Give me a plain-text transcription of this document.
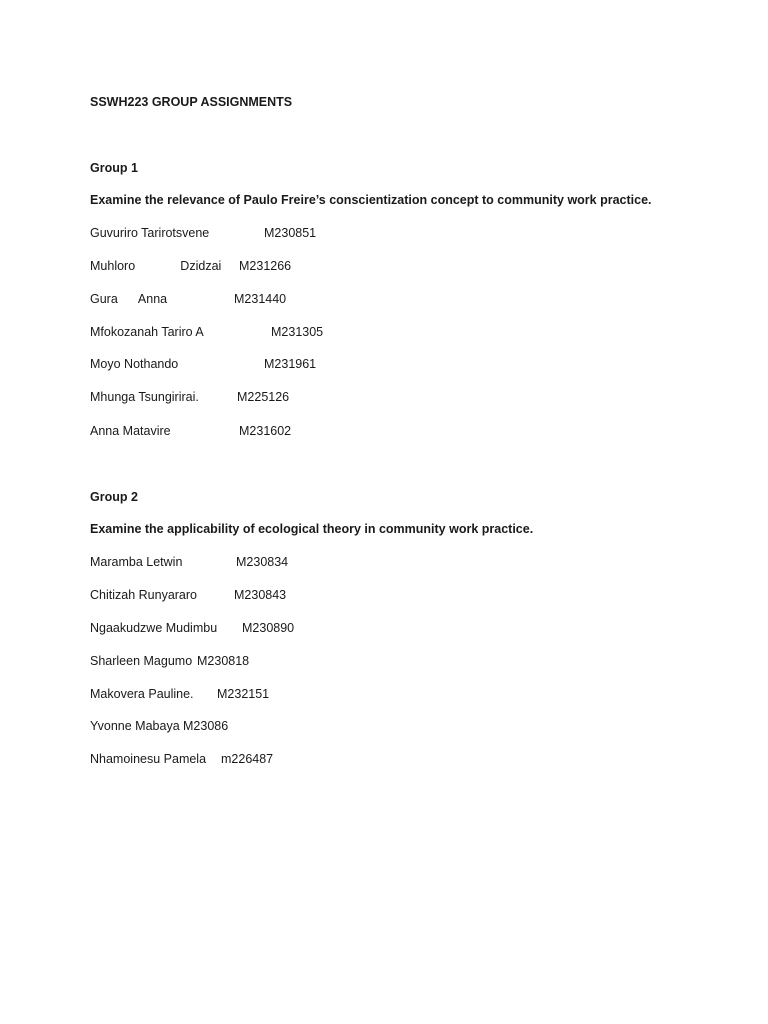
SSWH223 GROUP ASSIGNMENTS
Group 1
Examine the relevance of Paulo Freire’s conscientization concept to community work practice.
Guvuriro Tarirotsvene	M230851
Muhloro             Dzidzai M231266
Gura      Anna	M231440
Mfokozanah Tariro A	M231305
Moyo Nothando	M231961
Mhunga Tsungirirai.	M225126
Anna Matavire	M231602
Group 2
Examine the applicability of ecological theory in community work practice.
Maramba Letwin	M230834
Chitizah Runyararo	M230843
Ngaakudzwe Mudimbu M230890
Sharleen Magumo M230818
Makovera Pauline. M232151
Yvonne Mabaya M23086
Nhamoinesu Pamela m226487
